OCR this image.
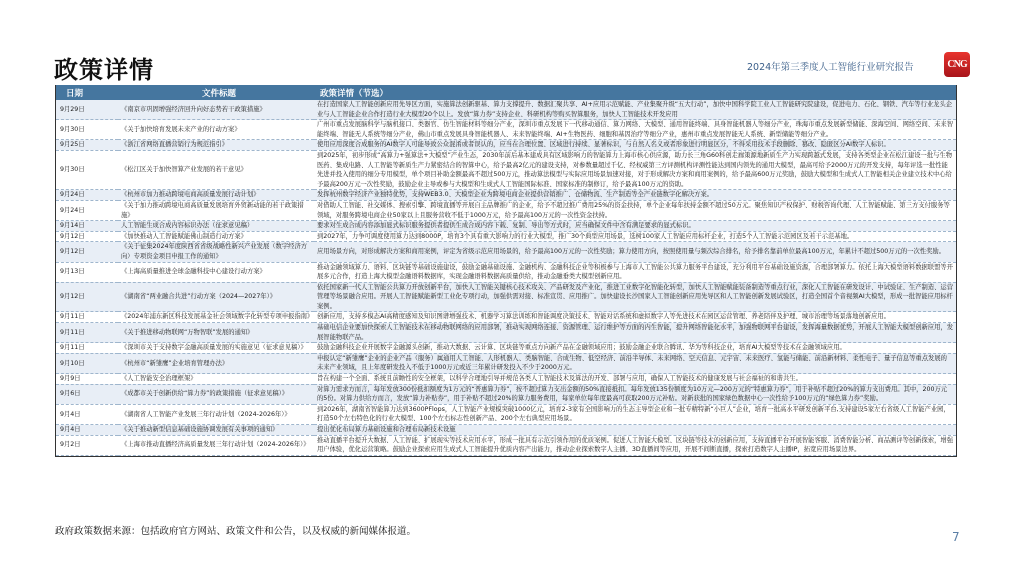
政策详情	2024年第三季度人工智能行业研究报告	CNG
日期	文件标题	政策详情（节选）
9月29日	《南京市巩固增强经济回升向好态势若干政策措施》	在打造国家人工智能创新应用先导区方面，实施算法创新驱基、算力支撑提升、数据汇聚共享、AI+应用示范赋能、产业集聚升级“五大行动”，加快中国科学院工业人工智能研究院建设，促进电力、石化、钢铁、汽车等行业龙头企业与人工智能企业合作打造行业大模型20个以上。发放“算力券”支持企业、科研机构等购买智算服务，加快人工智能技术开发应用
9月30日	《关于加快培育发展未来产业的行动方案》	广州市重点发展脑科学与脑机接口、类器官、仿生智能材料等细分产业，深圳市重点发展下一代移动通信、算力网络、大模型、通用智能终端、具身智能机器人等细分产业，珠海市重点发展新型储能、深海空间、网络空间、未来智能终端、智能无人系统等细分产业，佛山市重点发展具身智能机器人、未来智能终端、AI+生物医药、细胞和基因治疗等细分产业，惠州市重点发展智能无人系统、新型储能等细分产业。
9月25日	《浙江省网络直播营销行为规范指引》	使用应用深度合成服务的AI数字人可能导致公众混淆或者误认的，应当在合理位置、区域进行持续、显著标识，与自然人名义或者形象进行明显区分，不得采用技术手段删除、篡改、隐匿区分AI数字人标识。
9月30日	《松江区关于加快智算产业发展的若干意见》	到2025年，初步形成“高算力+强算法+大模型”产业生态，2030年前后基本建成具有区域影响力的智能算力上海市核心供应源，助力长三角G60科创走廊策源地新质生产力实现跨越式发展，支持各类型企业在松江建设一批与生物医药、集成电路、人工智能等新质生产力紧密结合的智算中心，给予最高2亿元的建设支持，对参数量超过千亿、经权威第三方评测机构评测性能达到国内领先的通用大模型，最高可给予2000万元的开发支持，每年评选一批性能先进并投入使用的细分专用模型，单个项目补助金额最高不超过500万元，推动算法模型与实际应用场景加速对接，对于形成解决方案和商用案例的，给予最高600万元奖励，鼓励大模型和生成式人工智能相关企业建立技术中心给予最高200万元一次性奖励，鼓励企业主导或参与大模型和生成式人工智能国际标准、国家标准的制修订，给予最高100万元的资助。
9月24日	《杭州市加力推动跨境电商高质量发展行动计划》	发挥杭州数字经济产业独特优势，支持WEB3.0、大模型企业为跨境电商企业提供营销推广、仓储物流、生产制造等全产业链数字化解决方案。
9月24日	《关于加力推动跨境电商高质量发展培育外贸新动能的若干政策措施》	对借助人工智能、社交媒体、搜索引擎、跨境直播等开展自主品牌推广的企业，给予不超过推广费用25%的资金扶持，单个企业每年扶持金额不超过50万元。聚焦知识产权保护、财税咨询代理、人工智能赋能、第三方支付服务等领域，对服务跨境电商企业50家以上且服务营收不低于1000万元，给予最高100万元的一次性资金扶持。
9月14日	人工智能生成合成内容标识办法（征求意见稿）	要求对生成合成内容添加显式标识服务提供者提供生成合成内容下载、复制、导出等方式时，应当确保文件中含有满足要求的显式标识。
9月12日	《加快推动人工智能赋能佛山制造行动方案》	到2027年，力争可调度使用算力达到8000P，培育3个具有重大影响力的行业大模型，推广30个典型应用场景，选树100家人工智能应用标杆企业，打造5个人工智能示范园区及若干示范基地。
9月12日	《关于征集2024年度陕西省省级战略性新兴产业发展（数字经济方向）专项资金项目申报工作的通知》	应用场景方向，对形成解决方案和商用案例，评定为省级示范应用场景的，给予最高100万元的一次性奖励；算力使用方向，按照使用量与频次综合排名，给予排名靠前单位最高100万元，年累计不超过500万元的一次性奖励。
9月13日	《上海高质量推进全球金融科技中心建设行动方案》	推动金融领域算力、语料、区块链等基础设施建设，鼓励金融基础设施、金融机构、金融科技企业等积极参与上海市人工智能公共算力服务平台建设，充分利用平台基础设施资源，合理部署算力。依托上海大模型语料数据联盟等开展多元合作，打造上海大模型金融语料数据库，实现金融语料数据高质量供给，推动金融垂类大模型创新应用。
9月12日	《湖南省“两业融合共进”行动方案（2024—2027年）》	依托国家新一代人工智能公共算力开放创新平台，加快人工智能关键核心技术攻关、产品研发及产业化，推进工业数字化智能化转型，加快人工智能赋能装备制造等重点行业，深化人工智能在研发设计、中试验证、生产制造、运营管理等场景融合应用。开展人工智能赋能新型工业化专项行动，加强供需对接、标准宣贯、应用推广。加快建设长沙国家人工智能创新应用先导区和人工智能创新发展试验区，打造全国首个音视频AI大模型，形成一批智能应用标杆案例。
9月11日	《2024年浦东新区科技发展基金社会领域数字化转型专项申报指南》	创新应用，支持多模态AI高精度感知及知识图谱增强技术、机器学习算法训练和智能调度决策技术、智能对话系统和虚拟数字人等先进技术在园区运营管理、养老陪伴及护理、城市治理等场景落地创新应用。
9月11日	《关于推进移动物联网“万物智联”发展的通知》	基础电信企业要加快探索人工智能技术在移动物联网络的应用部署，推动实现网络连接、资源管理、运行维护等方面的内生智能，提升网络智能化水平，加强物联网平台建设，发挥海量数据优势，开展人工智能大模型创新应用，发展智能物联产品。
9月11日	《深圳市关于支持数字金融高质量发展的实施意见（征求意见稿）》	鼓励金融科技企业开展数字金融源头创新，推动大数据、云计算、区块链等重点方向新产品在金融领域应用；鼓励金融企业联合腾讯、华为等科技企业，培育AI大模型等技术在金融领域应用。
9月10日	《杭州市“新雏鹰”企业培育管理办法》	申报认定“新雏鹰”企业的企业产品（服务）属通用人工智能、人形机器人、类脑智能、合成生物、低空经济、前沿半导体、未来网络、空天信息、元宇宙、未来医疗、氢能与储能、前沿新材料、柔性电子、量子信息等重点发展的未来产业领域，且上年度研发投入不低于1000万元或近三年累计研发投入不少于2000万元。
9月9日	《人工智能安全治理框架》	旨在构建一个全面、系统且前瞻性的安全框架，以科学合理地引导并规范各类人工智能技术及算法的开发、部署与应用，确保人工智能技术的健康发展与社会福祉的和谐共生。
9月6日	《成都市关于创新供给“算力券”的政策措施（征求意见稿）》	对算力需求方而言，每年发放300份抵扣额度为1万元的“普惠算力券”，按不超过算力支出金额的50%直接抵扣。每年发放135份额度为10万元—200万元的“特惠算力券”，用于补贴不超过20%的算力支出费用。其中，200万元的5份。对算力供给方而言，发放“算力补贴券”，用于补贴不超过20%的算力服务费用，每家单位每年度最高可获取200万元补贴。对新获批的国家绿色数据中心一次性给予100万元的“绿色算力券”奖励。
9月4日	《湖南省人工智能产业发展三年行动计划（2024-2026年）》	到2026年，湖南省智能算力达到3600PFlops，人工智能产业规模突破1000亿元，培育2-3家有全国影响力的生态主导型企业和一批专精特新“小巨人”企业，培育一批高水平研发创新平台,支持建设5家左右省级人工智能产业园，打造50个左右特色化的行业大模型、100个左右标志性创新产品、200个左右典型应用场景。
9月4日	《关于推动新型信息基础设施协调发展有关事项的通知》	提出优化布局算力基础设施和合理布局新技术设施
9月2日	《上海市推动直播经济高质量发展三年行动计划（2024-2026年）》	推动直播平台提升大数据、人工智能、扩展现实等技术应用水平，形成一批具有示范引领作用的优质案例。促进人工智能大模型、区块链等技术的创新应用，支持直播平台开展智能客服、消费智能分析、商品测评等创新探索，增强用户体验，优化运营策略。鼓励企业探索应用生成式人工智能提升优质内容产出能力，推动企业探索数字人主播、3D直播间等应用，开展不间断直播，探索打造数字人主播IP，拓宽应用场景边界。
政府政策数据来源：包括政府官方网站、政策文件和公告，以及权威的新闻媒体报道。	7
